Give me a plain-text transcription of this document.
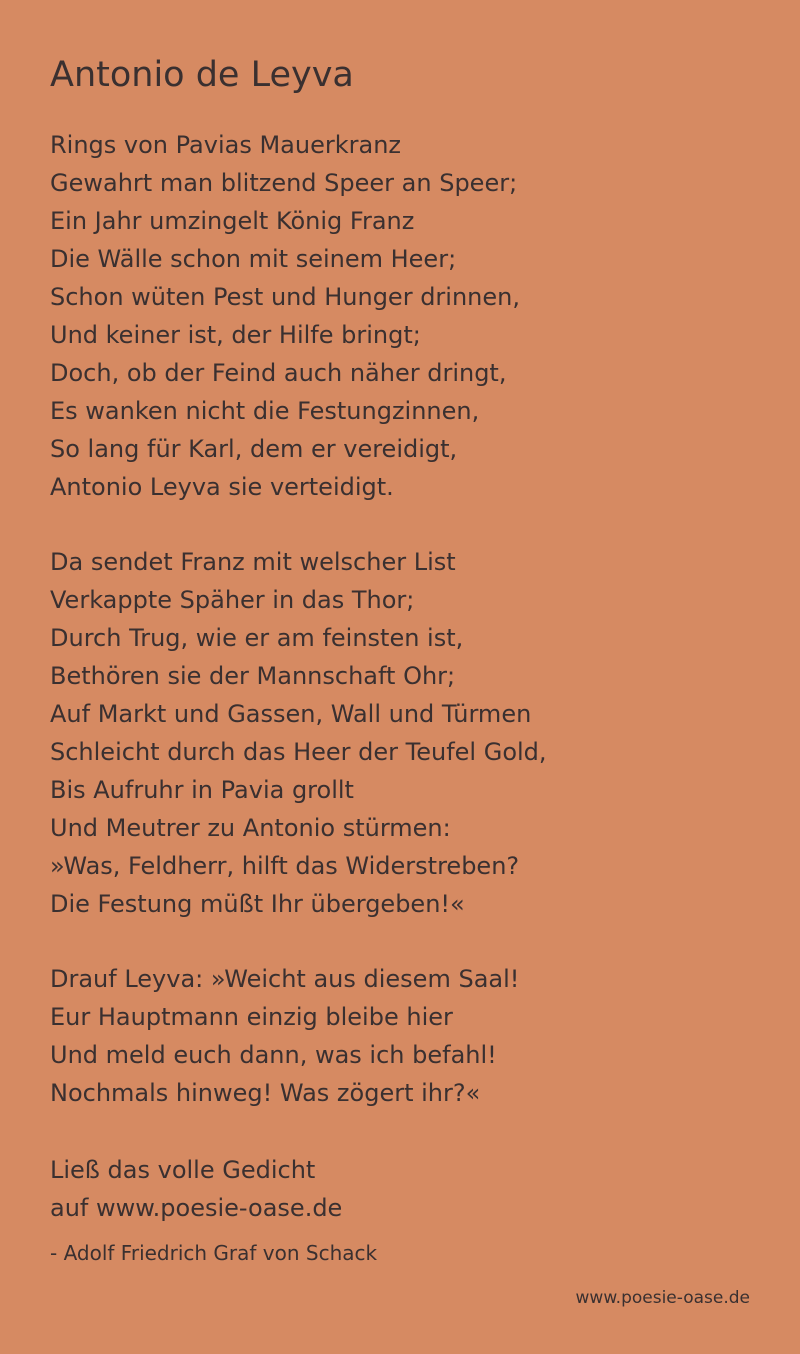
Antonio de Leyva
Rings von Pavias Mauerkranz
Gewahrt man blitzend Speer an Speer;
Ein Jahr umzingelt König Franz
Die Wälle schon mit seinem Heer;
Schon wüten Pest und Hunger drinnen,
Und keiner ist, der Hilfe bringt;
Doch, ob der Feind auch näher dringt,
Es wanken nicht die Festungzinnen,
So lang für Karl, dem er vereidigt,
Antonio Leyva sie verteidigt.
Da sendet Franz mit welscher List
Verkappte Späher in das Thor;
Durch Trug, wie er am feinsten ist,
Bethören sie der Mannschaft Ohr;
Auf Markt und Gassen, Wall und Türmen
Schleicht durch das Heer der Teufel Gold,
Bis Aufruhr in Pavia grollt
Und Meutrer zu Antonio stürmen:
»Was, Feldherr, hilft das Widerstreben?
Die Festung müßt Ihr übergeben!«
Drauf Leyva: »Weicht aus diesem Saal!
Eu￼r Hauptmann einzig bleibe hier
Und meld euch dann, was ich befahl!
Nochmals hinweg! Was zögert ihr?«
Ließ das volle Gedicht
auf www.poesie-oase.de
- Adolf Friedrich Graf von Schack
www.poesie-oase.de
